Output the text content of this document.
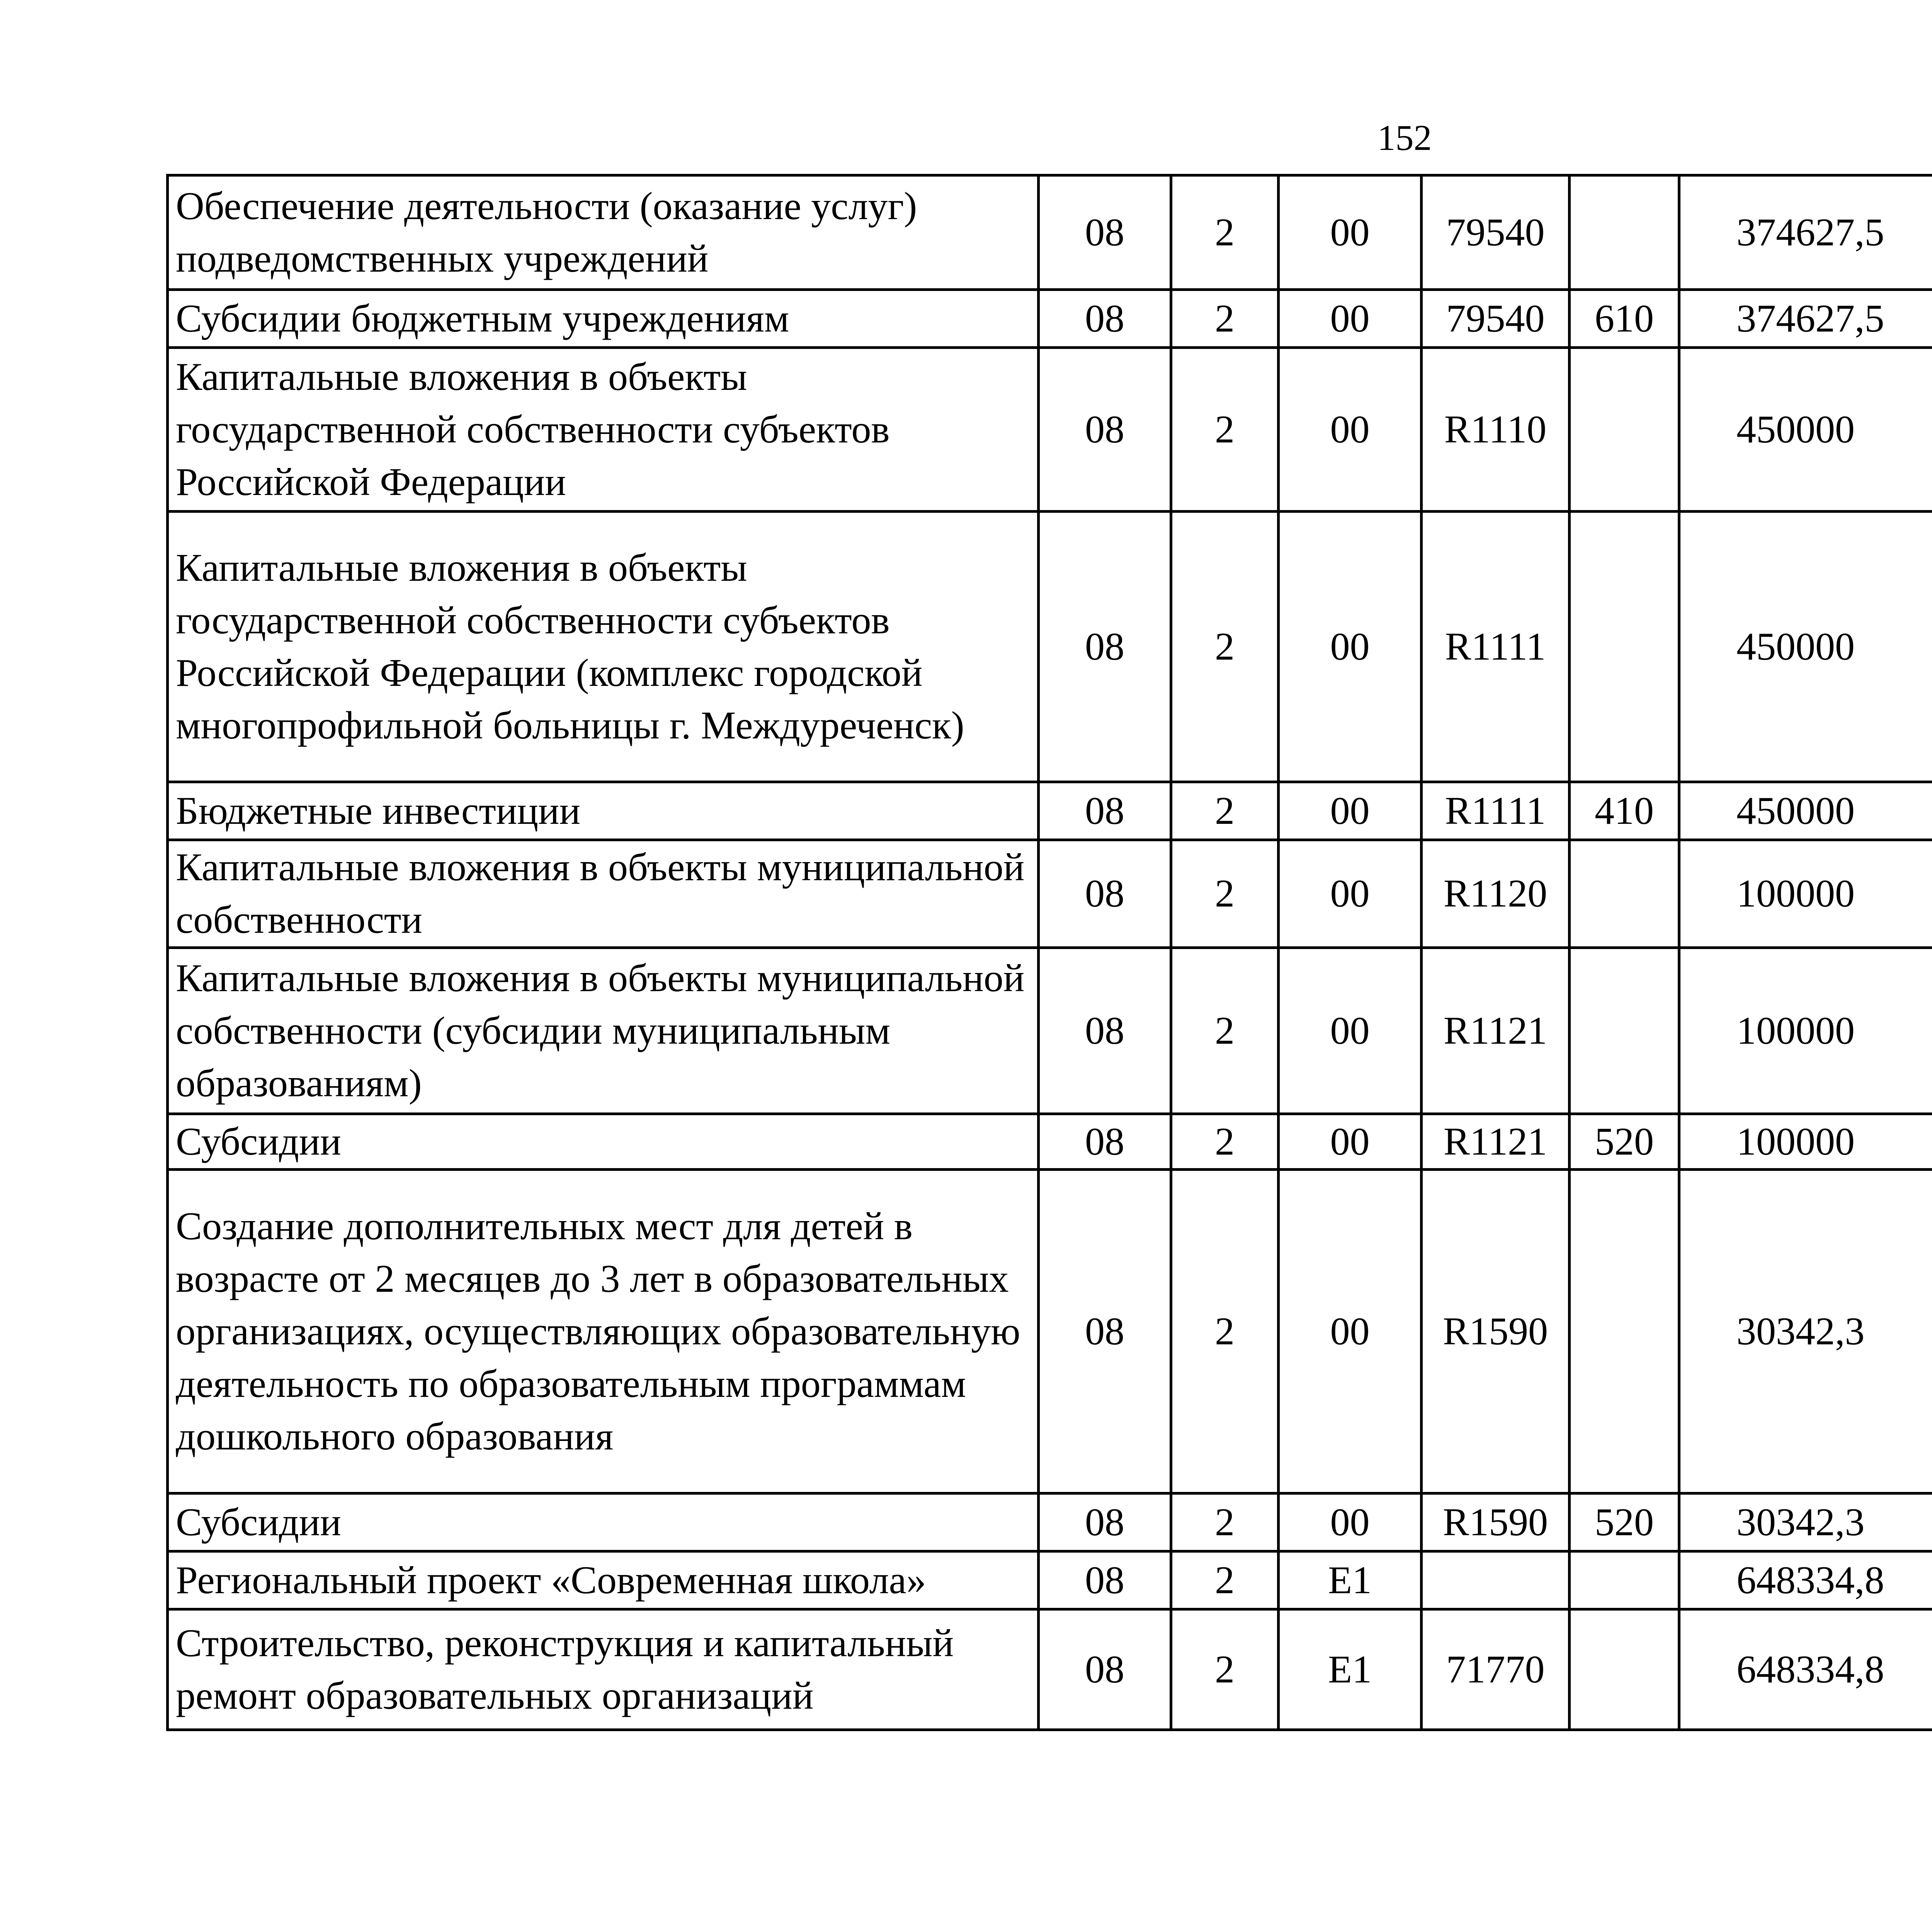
152
Обеспечение деятельности (оказание услуг) подведомственных учреждений	08	2	00	79540		374627,5		
Субсидии бюджетным учреждениям	08	2	00	79540	610	374627,5		
Капитальные вложения в объекты государственной собственности субъектов Российской Федерации	08	2	00	R1110		450000		
Капитальные вложения в объекты государственной собственности субъектов Российской Федерации (комплекс городской многопрофильной больницы г. Междуреченск)	08	2	00	R1111		450000		
Бюджетные инвестиции	08	2	00	R1111	410	450000		
Капитальные вложения в объекты муниципальной собственности	08	2	00	R1120		100000		
Капитальные вложения в объекты муниципальной собственности (субсидии муниципальным образованиям)	08	2	00	R1121		100000		
Субсидии	08	2	00	R1121	520	100000		
Создание дополнительных мест для детей в возрасте от 2 месяцев до 3 лет в образовательных организациях, осуществляющих образовательную деятельность по образовательным программам дошкольного образования	08	2	00	R1590		30342,3		
Субсидии	08	2	00	R1590	520	30342,3		
Региональный проект «Современная школа»	08	2	E1			648334,8		
Строительство, реконструкция и капитальный ремонт образовательных организаций	08	2	E1	71770		648334,8		
